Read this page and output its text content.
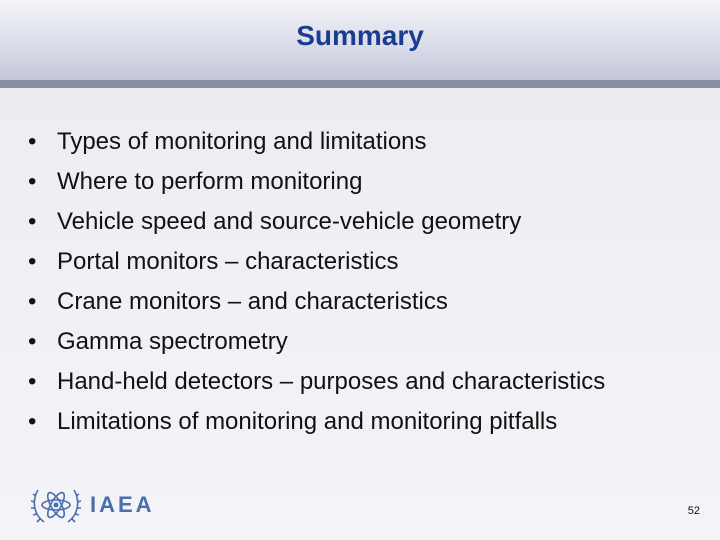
Summary
• Types of monitoring and limitations
• Where to perform monitoring
• Vehicle speed and source-vehicle geometry
• Portal monitors – characteristics
• Crane monitors – and characteristics
• Gamma spectrometry
• Hand-held detectors – purposes and characteristics
• Limitations of monitoring and monitoring pitfalls
IAEA	52
